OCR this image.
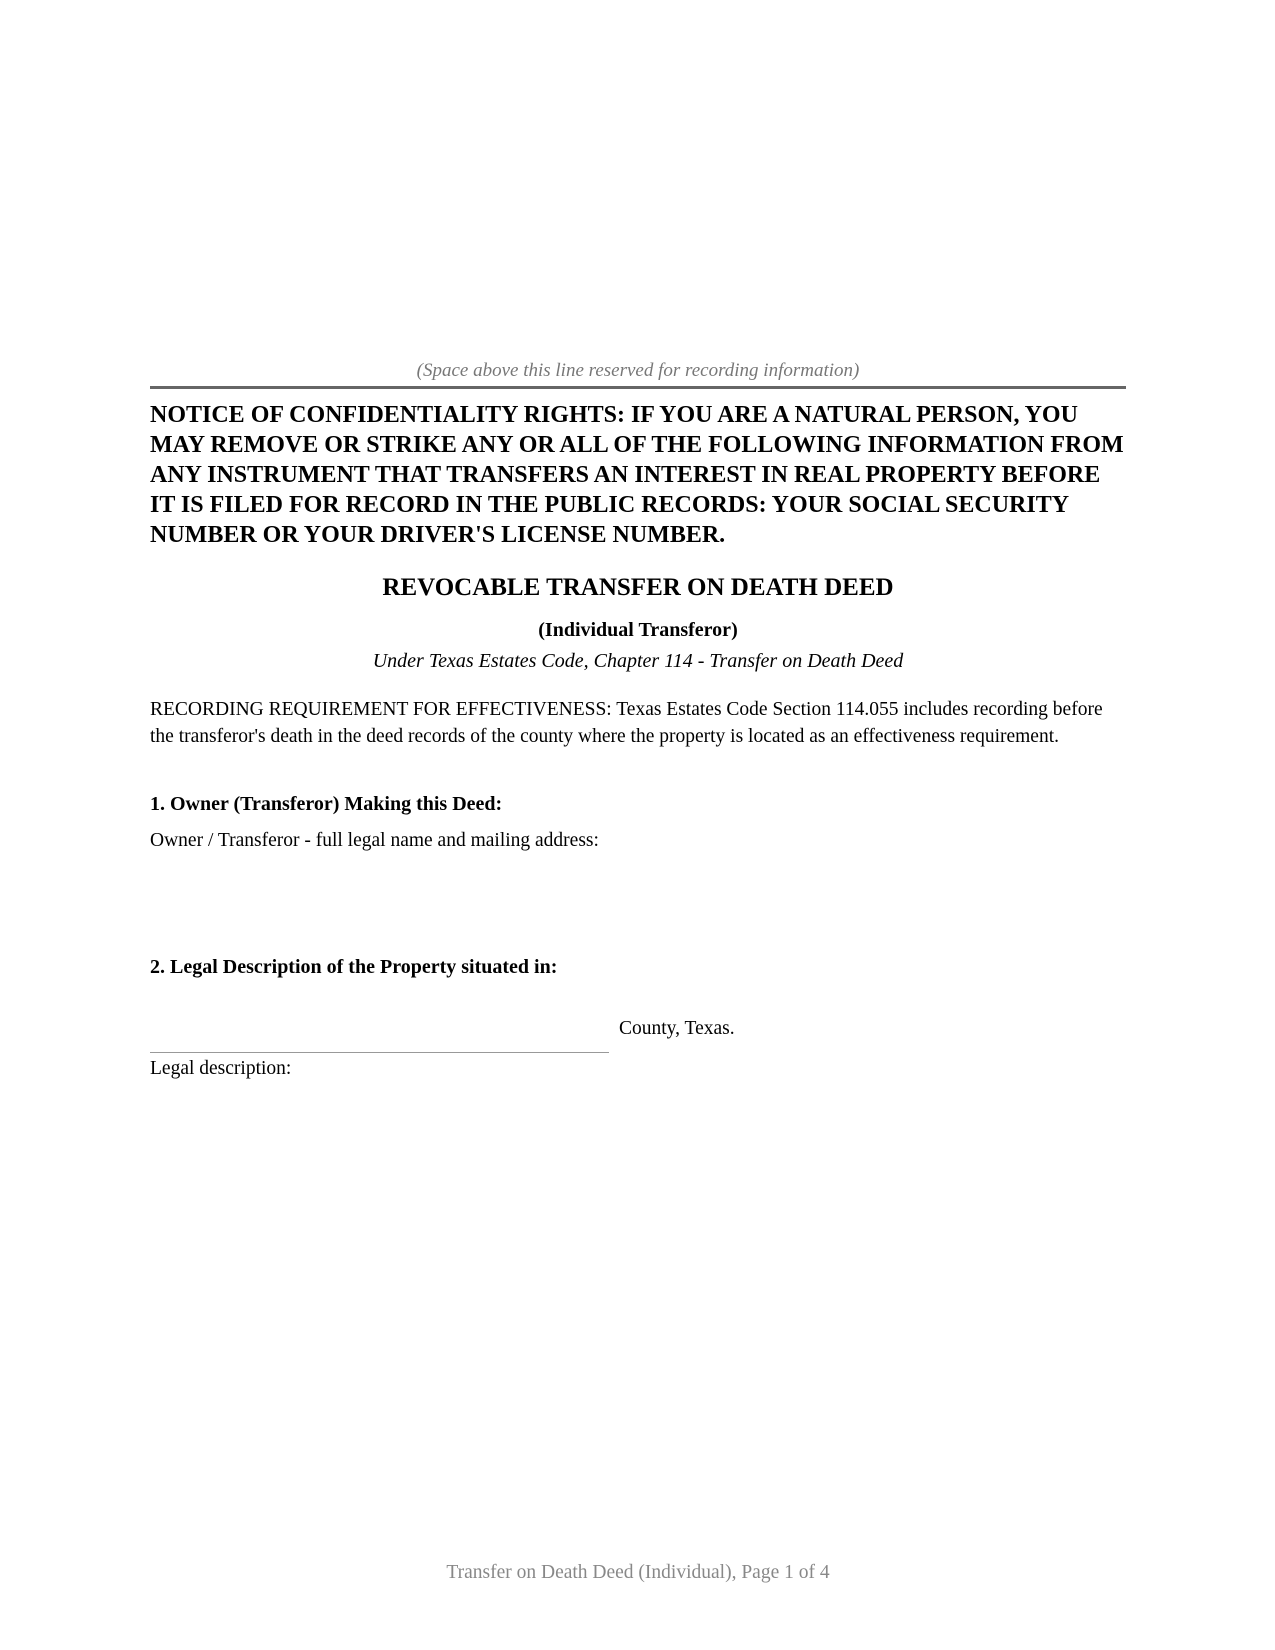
(Space above this line reserved for recording information)

NOTICE OF CONFIDENTIALITY RIGHTS: IF YOU ARE A NATURAL PERSON, YOU MAY REMOVE OR STRIKE ANY OR ALL OF THE FOLLOWING INFORMATION FROM ANY INSTRUMENT THAT TRANSFERS AN INTEREST IN REAL PROPERTY BEFORE IT IS FILED FOR RECORD IN THE PUBLIC RECORDS: YOUR SOCIAL SECURITY NUMBER OR YOUR DRIVER'S LICENSE NUMBER.

REVOCABLE TRANSFER ON DEATH DEED
(Individual Transferor)
Under Texas Estates Code, Chapter 114 - Transfer on Death Deed

RECORDING REQUIREMENT FOR EFFECTIVENESS: Texas Estates Code Section 114.055 includes recording before the transferor's death in the deed records of the county where the property is located as an effectiveness requirement.

1. Owner (Transferor) Making this Deed:
Owner / Transferor - full legal name and mailing address:
2. Legal Description of the Property situated in:
County, Texas.
Legal description:
Transfer on Death Deed (Individual), Page 1 of 4
